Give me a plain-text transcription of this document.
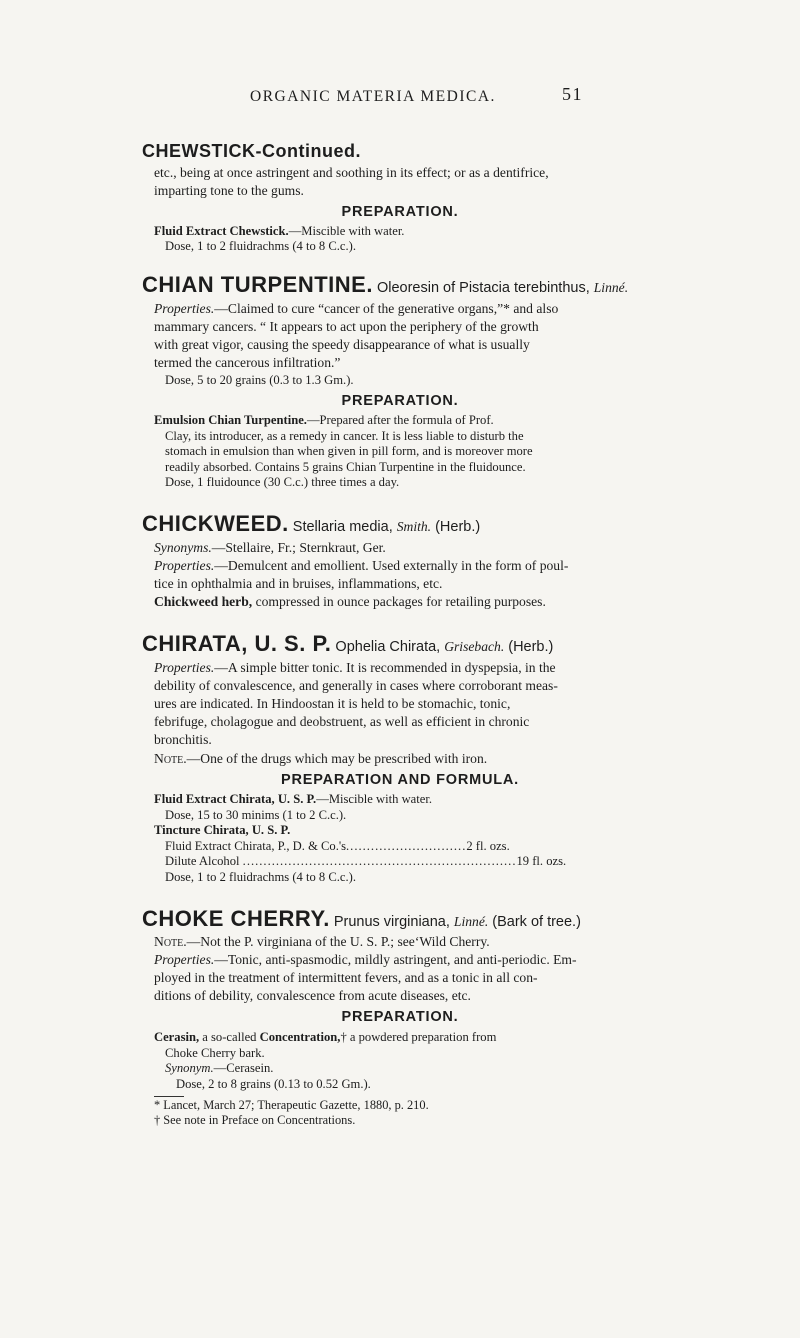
ORGANIC MATERIA MEDICA.	51
CHEWSTICK-Continued.
etc., being at once astringent and soothing in its effect; or as a dentifrice,
imparting tone to the gums.
PREPARATION.
Fluid Extract Chewstick.—Miscible with water.
Dose, 1 to 2 fluidrachms (4 to 8 C.c.).
CHIAN TURPENTINE. Oleoresin of Pistacia terebinthus, Linné.
Properties.—Claimed to cure “cancer of the generative organs,”* and also
mammary cancers. “ It appears to act upon the periphery of the growth
with great vigor, causing the speedy disappearance of what is usually
termed the cancerous infiltration.”
Dose, 5 to 20 grains (0.3 to 1.3 Gm.).
PREPARATION.
Emulsion Chian Turpentine.—Prepared after the formula of Prof.
Clay, its introducer, as a remedy in cancer. It is less liable to disturb the
stomach in emulsion than when given in pill form, and is moreover more
readily absorbed. Contains 5 grains Chian Turpentine in the fluidounce.
Dose, 1 fluidounce (30 C.c.) three times a day.
CHICKWEED. Stellaria media, Smith. (Herb.)
Synonyms.—Stellaire, Fr.; Sternkraut, Ger.
Properties.—Demulcent and emollient. Used externally in the form of poul-
tice in ophthalmia and in bruises, inflammations, etc.
Chickweed herb, compressed in ounce packages for retailing purposes.
CHIRATA, U. S. P. Ophelia Chirata, Grisebach. (Herb.)
Properties.—A simple bitter tonic. It is recommended in dyspepsia, in the
debility of convalescence, and generally in cases where corroborant meas-
ures are indicated. In Hindoostan it is held to be stomachic, tonic,
febrifuge, cholagogue and deobstruent, as well as efficient in chronic
bronchitis.
Note.—One of the drugs which may be prescribed with iron.
PREPARATION AND FORMULA.
Fluid Extract Chirata, U. S. P.—Miscible with water.
Dose, 15 to 30 minims (1 to 2 C.c.).
Tincture Chirata, U. S. P.
Fluid Extract Chirata, P., D. & Co.'s.............................2 fl. ozs.
Dilute Alcohol ..................................................................19 fl. ozs.
Dose, 1 to 2 fluidrachms (4 to 8 C.c.).
CHOKE CHERRY. Prunus virginiana, Linné. (Bark of tree.)
Note.—Not the P. virginiana of the U. S. P.; see‘Wild Cherry.
Properties.—Tonic, anti-spasmodic, mildly astringent, and anti-periodic. Em-
ployed in the treatment of intermittent fevers, and as a tonic in all con-
ditions of debility, convalescence from acute diseases, etc.
PREPARATION.
Cerasin, a so-called Concentration,† a powdered preparation from
Choke Cherry bark.
Synonym.—Cerasein.
Dose, 2 to 8 grains (0.13 to 0.52 Gm.).
* Lancet, March 27; Therapeutic Gazette, 1880, p. 210.
† See note in Preface on Concentrations.
